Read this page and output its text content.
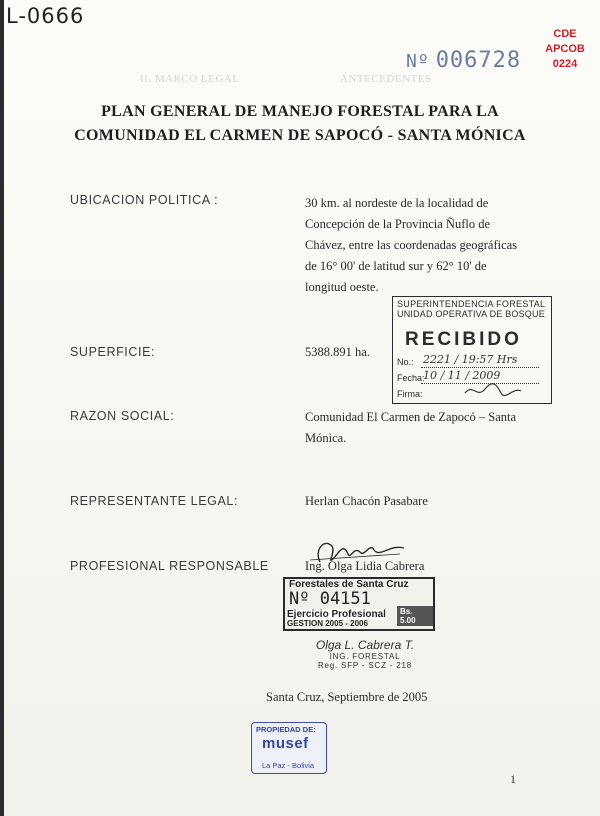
II. MARCO LEGAL	ANTECEDENTES
L-0666
CDE
APCOB
0224
Nº 006728
PLAN GENERAL DE MANEJO FORESTAL PARA LA
COMUNIDAD EL CARMEN DE SAPOCÓ - SANTA MÓNICA
UBICACION POLITICA :	30 km. al nordeste de la localidad de
Concepción de la Provincia Ñuflo de
Chávez, entre las coordenadas geográficas
de 16° 00' de latitud sur y 62° 10' de
longitud oeste.
SUPERFICIE:	5388.891 ha.
SUPERINTENDENCIA FORESTAL
UNIDAD OPERATIVA DE BOSQUE
RECIBIDO
No.: 2221 / 19:57 Hrs
Fecha:
10 / 11 / 2009
Firma:
RAZON SOCIAL:	Comunidad El Carmen de Zapocó – Santa
Mónica.
REPRESENTANTE LEGAL:	Herlan Chacón Pasabare
PROFESIONAL RESPONSABLE	Ing. Olga Lidia Cabrera
Forestales de Santa Cruz
Nº 04151
Ejercicio Profesional
GESTION 2005 - 2006
Bs. 5.00
Olga L. Cabrera T.
ING. FORESTAL
Reg. SFP - SCZ - 218
Santa Cruz, Septiembre de 2005
PROPIEDAD DE:
musef
La Paz - Bolivia
1
